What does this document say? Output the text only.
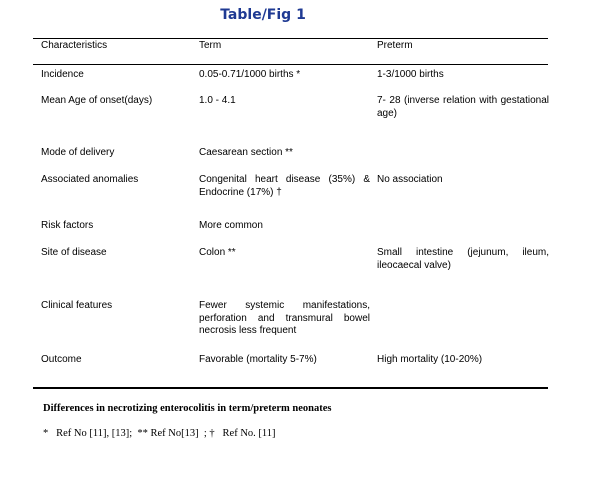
Table/Fig 1
Characteristics	Term	Preterm
Incidence	0.05-0.71/1000 births *	1-3/1000 births
Mean Age of onset(days)	1.0 - 4.1	7- 28 (inverse relation with gestational age)
Mode of delivery	Caesarean section **	
Associated anomalies	Congenital heart disease (35%) & Endocrine (17%) †	No association
Risk factors	More common	
Site of disease	Colon **	Small intestine (jejunum, ileum, ileocaecal valve)
Clinical features	Fewer systemic manifestations, perforation and transmural bowel necrosis less frequent	
Outcome	Favorable (mortality 5-7%)	High mortality (10-20%)
Differences in necrotizing enterocolitis in term/preterm neonates
*   Ref No [11], [13];  ** Ref No[13]  ; †   Ref No. [11]
